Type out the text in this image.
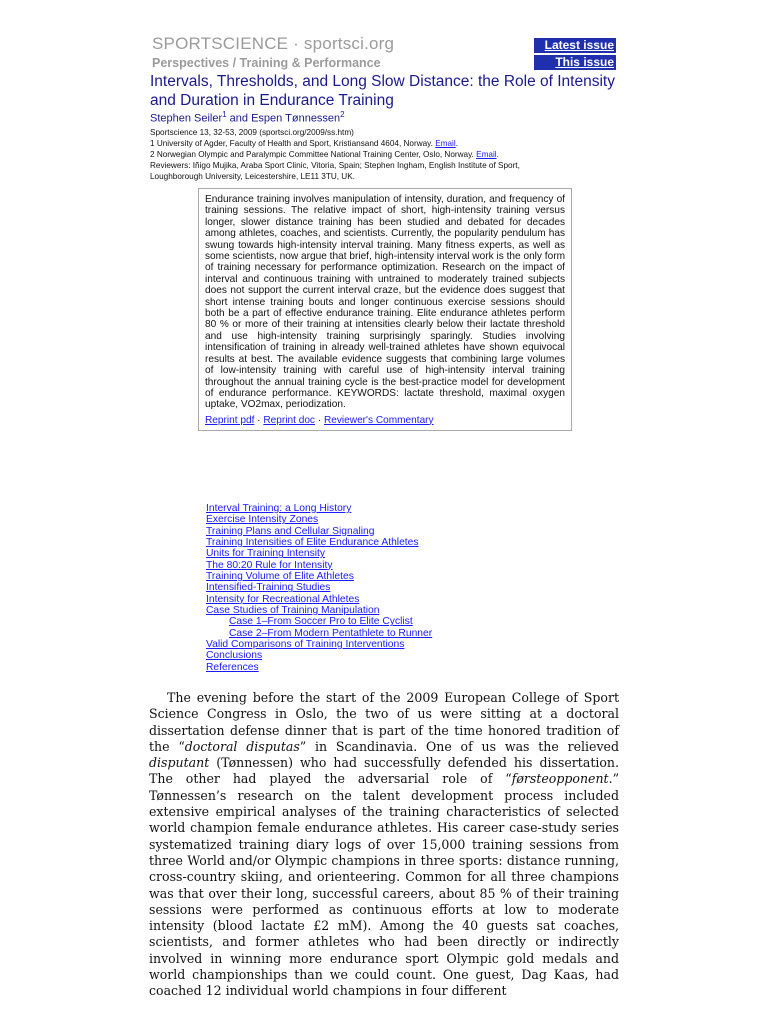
SPORTSCIENCE · sportsci.org	Latest issue
This issue
Perspectives / Training & Performance
Intervals, Thresholds, and Long Slow Distance: the Role of Intensity and Duration in Endurance Training
Stephen Seiler$^1$ and Espen Tønnessen$^2$
Sportscience 13, 32-53, 2009 (sportsci.org/2009/ss.htm)
1 University of Agder, Faculty of Health and Sport, Kristiansand 4604, Norway. Email.
2 Norwegian Olympic and Paralympic Committee National Training Center, Oslo, Norway. Email.
Reviewers: Iñigo Mujika, Araba Sport Clinic, Vitoria, Spain; Stephen Ingham, English Institute of Sport,
Loughborough University, Leicestershire, LE11 3TU, UK.
Endurance training involves manipulation of intensity, duration, and frequency of training sessions. The relative impact of short, high-intensity training versus longer, slower distance training has been studied and debated for decades among athletes, coaches, and scientists. Currently, the popularity pendulum has swung towards high-intensity interval training. Many fitness experts, as well as some scientists, now argue that brief, high-intensity interval work is the only form of training necessary for performance optimization. Research on the impact of interval and continuous training with untrained to moderately trained subjects does not support the current interval craze, but the evidence does suggest that short intense training bouts and longer continuous exercise sessions should both be a part of effective endurance training. Elite endurance athletes perform 80 % or more of their training at intensities clearly below their lactate threshold and use high-intensity training surprisingly sparingly. Studies involving intensification of training in already well-trained athletes have shown equivocal results at best. The available evidence suggests that combining large volumes of low-intensity training with careful use of high-intensity interval training throughout the annual training cycle is the best-practice model for development of endurance performance. KEYWORDS: lactate threshold, maximal oxygen uptake, VO2max, periodization.
Reprint pdf · Reprint doc · Reviewer's Commentary
Interval Training: a Long History
Exercise Intensity Zones
Training Plans and Cellular Signaling
Training Intensities of Elite Endurance Athletes
Units for Training Intensity
The 80:20 Rule for Intensity
Training Volume of Elite Athletes
Intensified-Training Studies
Intensity for Recreational Athletes
Case Studies of Training Manipulation
Case 1–From Soccer Pro to Elite Cyclist
Case 2–From Modern Pentathlete to Runner
Valid Comparisons of Training Interventions
Conclusions
References

The evening before the start of the 2009 European College of Sport Science Congress in Oslo, the two of us were sitting at a doctoral dissertation defense dinner that is part of the time honored tradition of the “doctoral disputas” in Scandinavia. One of us was the relieved disputant (Tønnessen) who had successfully defended his dissertation. The other had played the adversarial role of “førsteopponent.” Tønnessen’s research on the talent development process included extensive empirical analyses of the training characteristics of selected world champion female endurance athletes. His career case-study series systematized training diary logs of over 15,000 training sessions from three World and/or Olympic champions in three sports: distance running, cross-country skiing, and orienteering. Common for all three champions was that over their long, successful careers, about 85 % of their training sessions were performed as continuous efforts at low to moderate intensity (blood lactate £2 mM). Among the 40 guests sat coaches, scientists, and former athletes who had been directly or indirectly involved in winning more endurance sport Olympic gold medals and world championships than we could count. One guest, Dag Kaas, had coached 12 individual world champions in four different
